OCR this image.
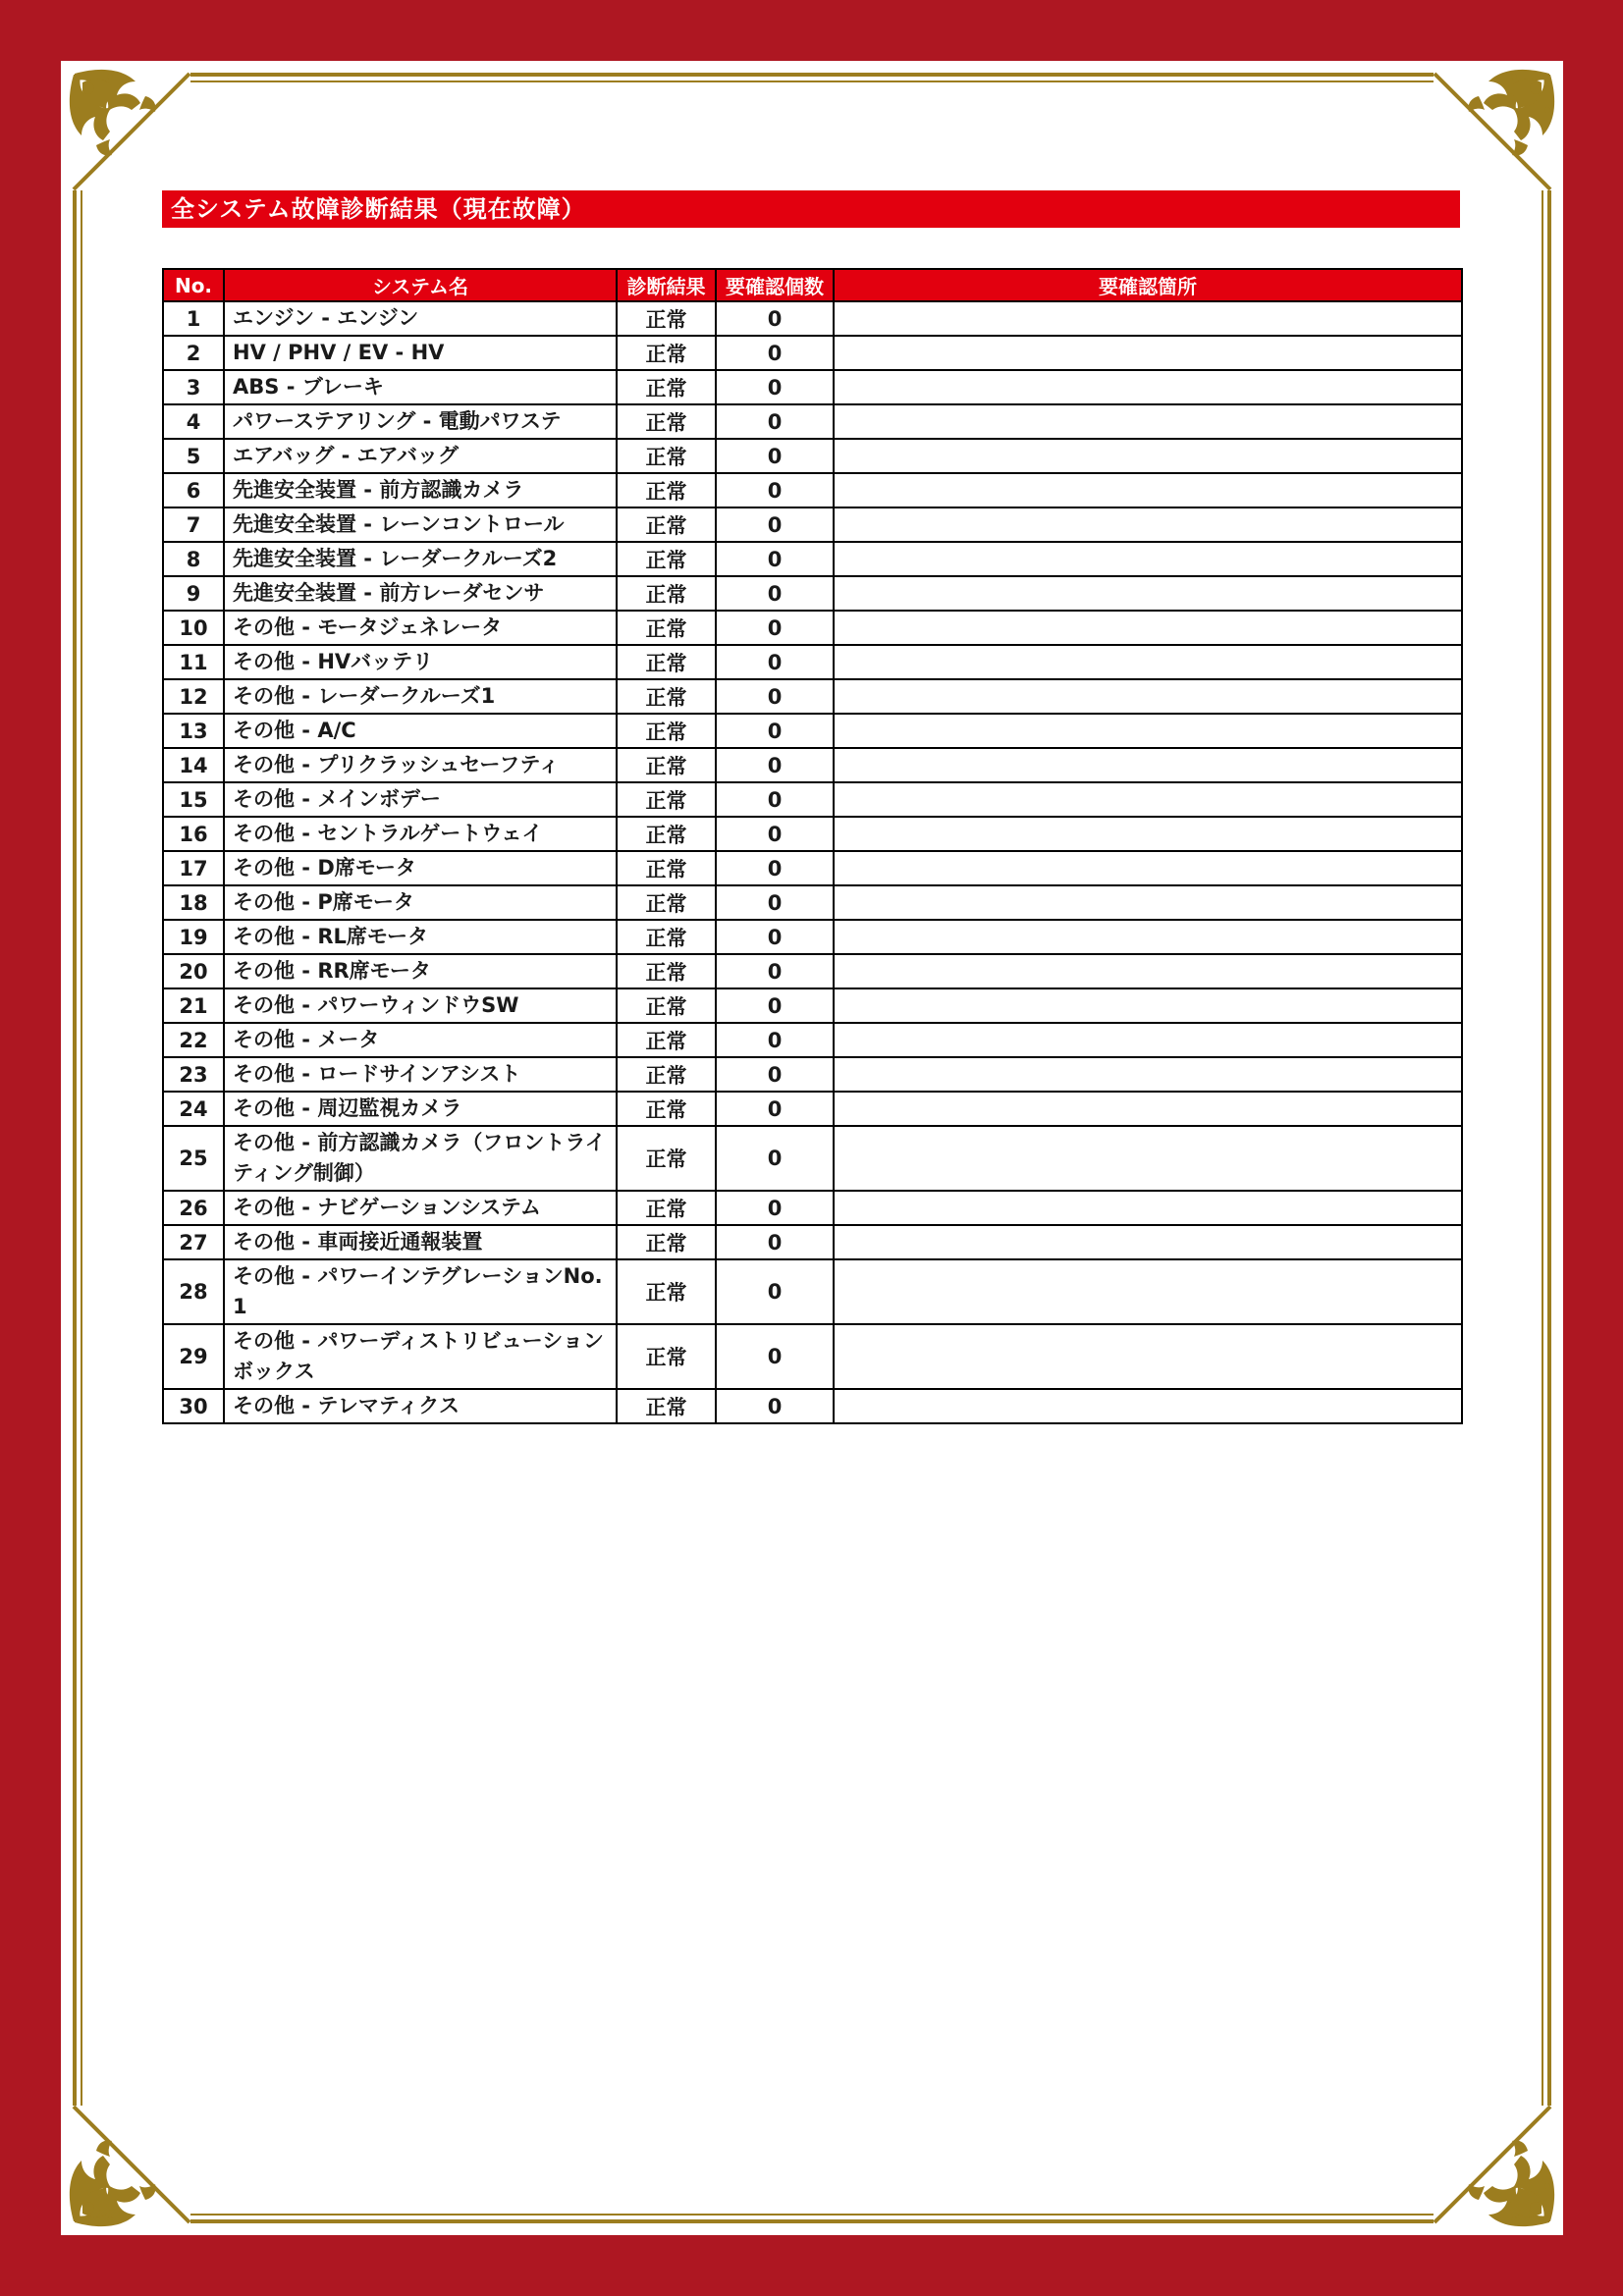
全システム故障診断結果（現在故障）
No.	システム名	診断結果	要確認個数	要確認箇所
1	エンジン - エンジン	正常	0	
2	HV / PHV / EV - HV	正常	0	
3	ABS - ブレーキ	正常	0	
4	パワーステアリング - 電動パワステ	正常	0	
5	エアバッグ - エアバッグ	正常	0	
6	先進安全装置 - 前方認識カメラ	正常	0	
7	先進安全装置 - レーンコントロール	正常	0	
8	先進安全装置 - レーダークルーズ2	正常	0	
9	先進安全装置 - 前方レーダセンサ	正常	0	
10	その他 - モータジェネレータ	正常	0	
11	その他 - HVバッテリ	正常	0	
12	その他 - レーダークルーズ1	正常	0	
13	その他 - A/C	正常	0	
14	その他 - プリクラッシュセーフティ	正常	0	
15	その他 - メインボデー	正常	0	
16	その他 - セントラルゲートウェイ	正常	0	
17	その他 - D席モータ	正常	0	
18	その他 - P席モータ	正常	0	
19	その他 - RL席モータ	正常	0	
20	その他 - RR席モータ	正常	0	
21	その他 - パワーウィンドウSW	正常	0	
22	その他 - メータ	正常	0	
23	その他 - ロードサインアシスト	正常	0	
24	その他 - 周辺監視カメラ	正常	0	
25	その他 - 前方認識カメラ（フロントライティング制御）	正常	0	
26	その他 - ナビゲーションシステム	正常	0	
27	その他 - 車両接近通報装置	正常	0	
28	その他 - パワーインテグレーションNo.1	正常	0	
29	その他 - パワーディストリビューションボックス	正常	0	
30	その他 - テレマティクス	正常	0	
